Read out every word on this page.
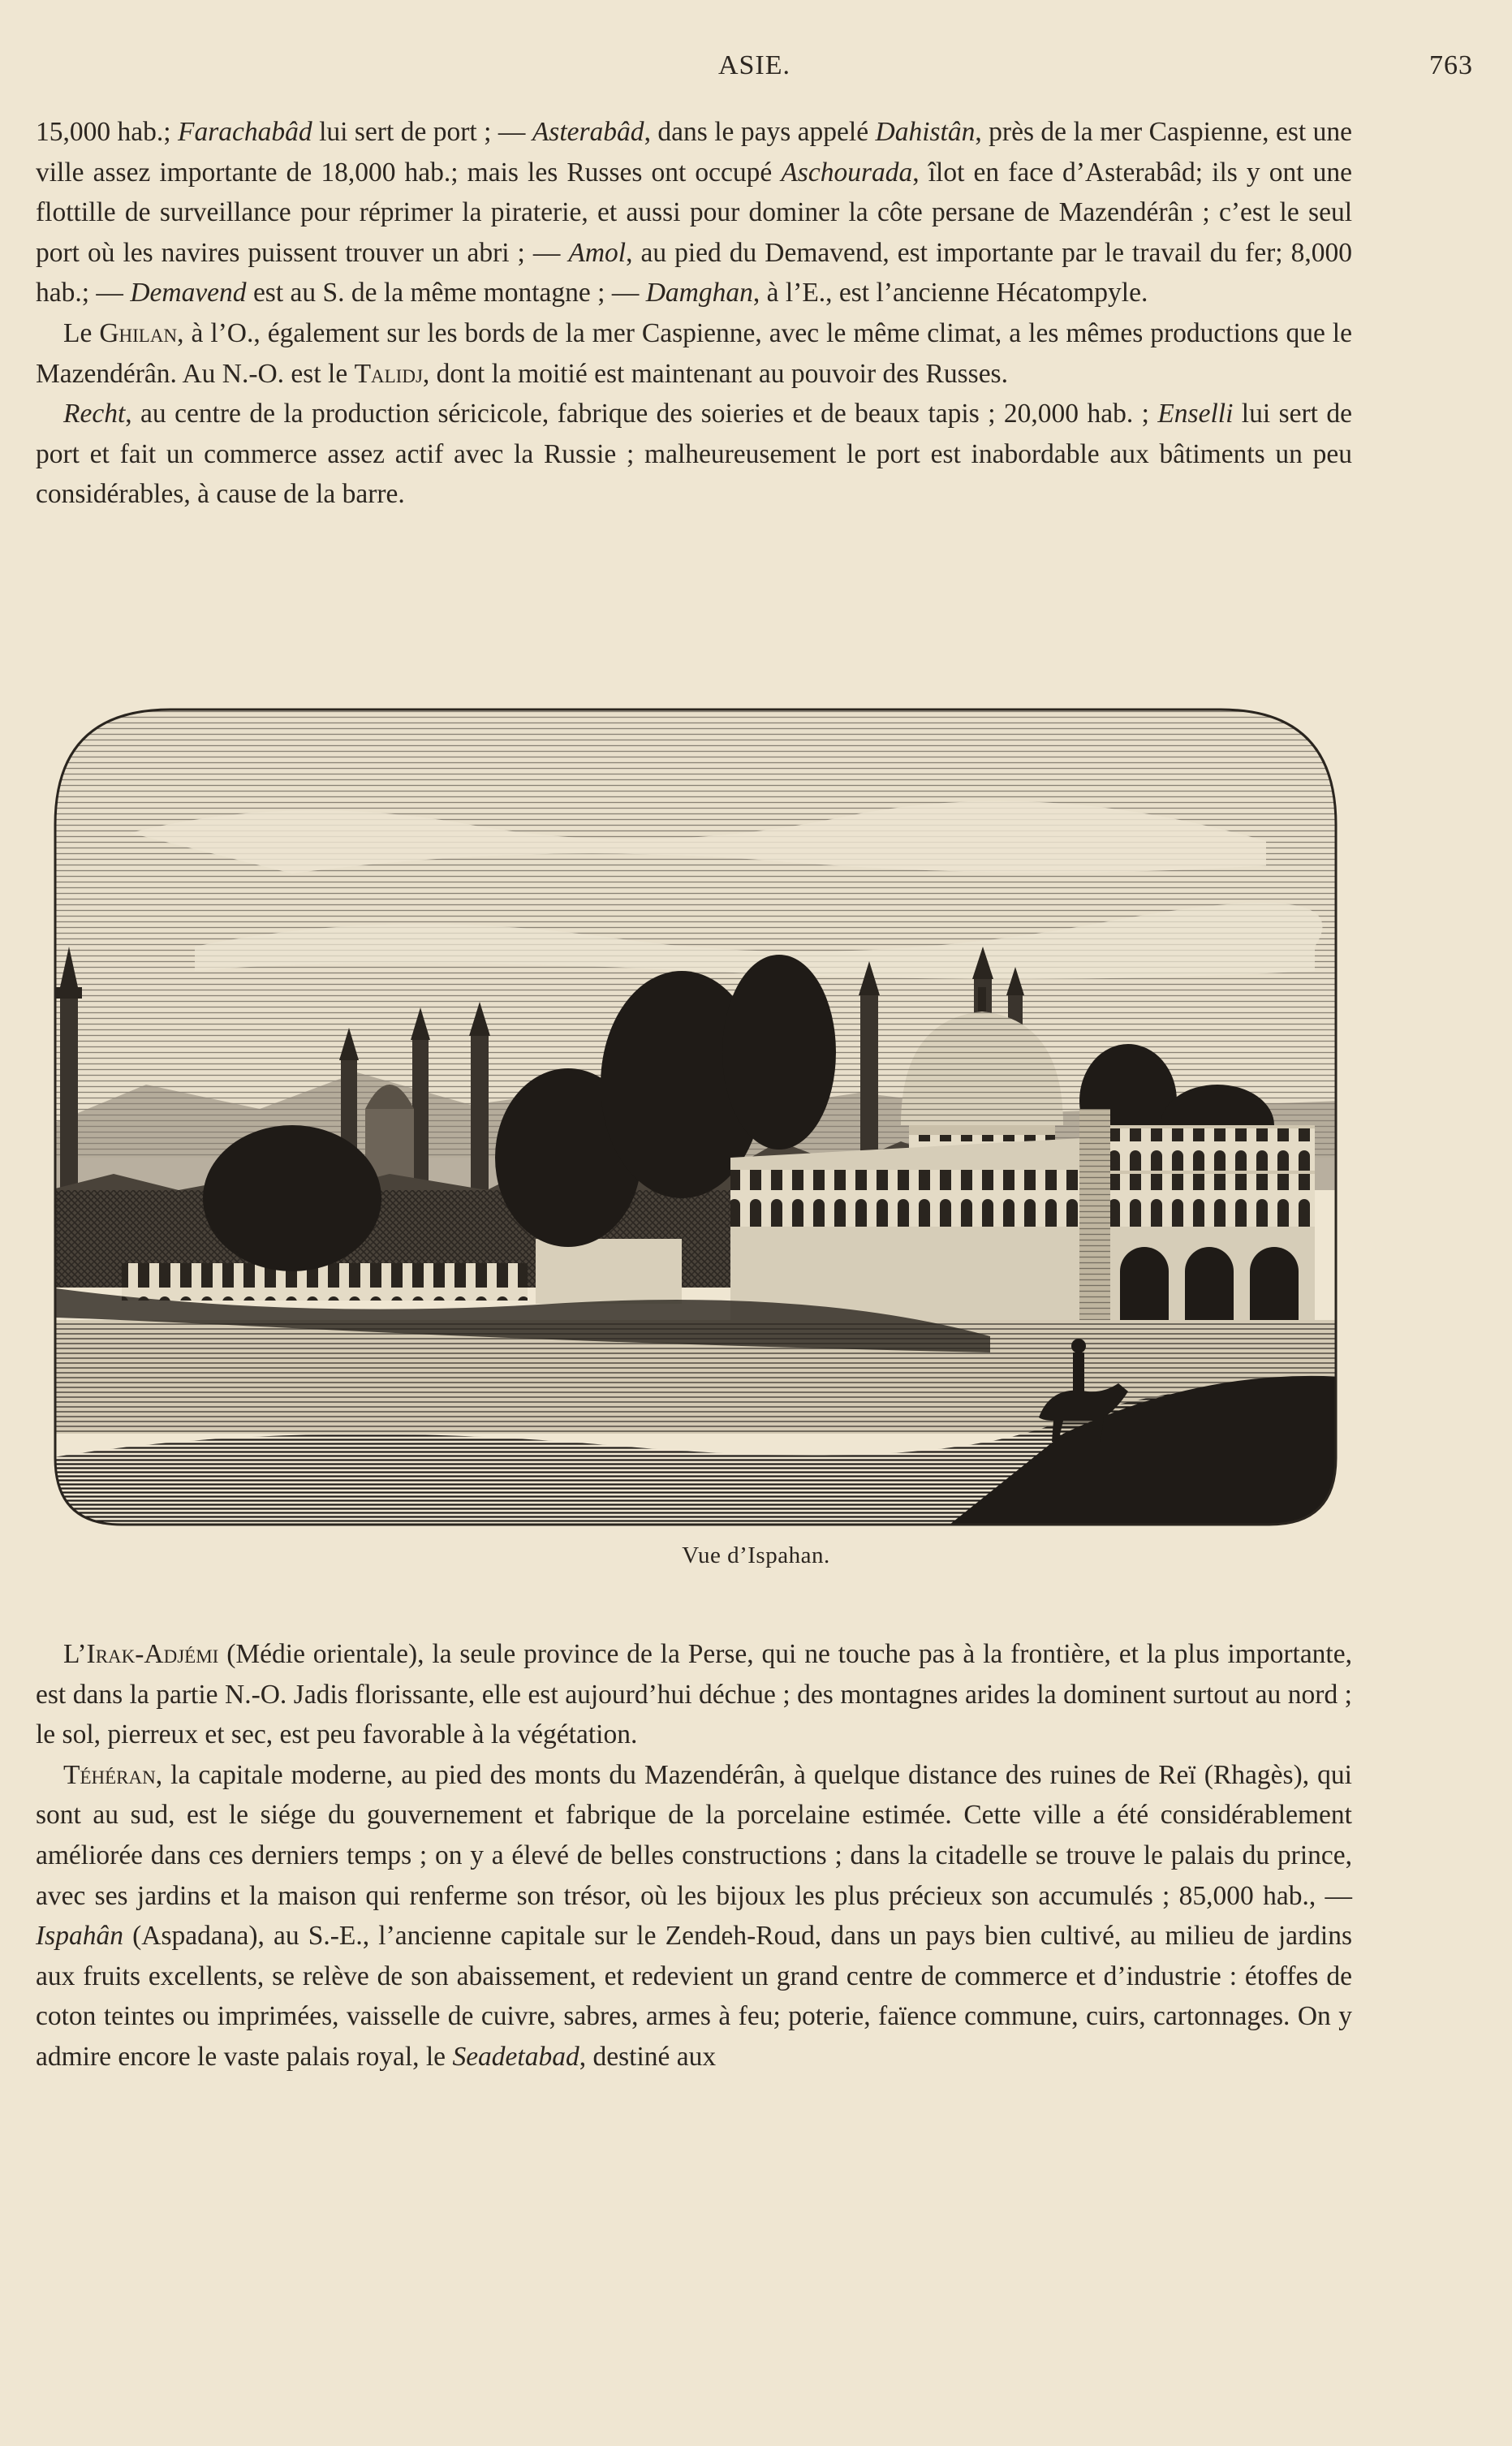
ASIE.	763

15,000 hab.; Farachabâd lui sert de port ; — Asterabâd, dans le pays appelé Dahistân, près de la mer Caspienne, est une ville assez importante de 18,000 hab.; mais les Russes ont occupé Aschourada, îlot en face d’Asterabâd; ils y ont une flottille de surveillance pour réprimer la piraterie, et aussi pour dominer la côte persane de Mazendérân ; c’est le seul port où les navires puissent trouver un abri ; — Amol, au pied du Demavend, est importante par le travail du fer; 8,000 hab.; — Demavend est au S. de la même montagne ; — Damghan, à l’E., est l’ancienne Hécatompyle.

Le Ghilan, à l’O., également sur les bords de la mer Caspienne, avec le même climat, a les mêmes productions que le Mazendérân. Au N.-O. est le Talidj, dont la moitié est maintenant au pouvoir des Russes.

Recht, au centre de la production séricicole, fabrique des soieries et de beaux tapis ; 20,000 hab. ; Enselli lui sert de port et fait un commerce assez actif avec la Russie ; malheureusement le port est inabordable aux bâtiments un peu considérables, à cause de la barre.

Vue d’Ispahan.

L’Irak-Adjémi (Médie orientale), la seule province de la Perse, qui ne touche pas à la frontière, et la plus importante, est dans la partie N.-O. Jadis florissante, elle est aujourd’hui déchue ; des montagnes arides la dominent surtout au nord ; le sol, pierreux et sec, est peu favorable à la végétation.

Téhéran, la capitale moderne, au pied des monts du Mazendérân, à quelque distance des ruines de Reï (Rhagès), qui sont au sud, est le siége du gouvernement et fabrique de la porcelaine estimée. Cette ville a été considérablement améliorée dans ces derniers temps ; on y a élevé de belles constructions ; dans la citadelle se trouve le palais du prince, avec ses jardins et la maison qui renferme son trésor, où les bijoux les plus précieux son accumulés ; 85,000 hab., — Ispahân (Aspadana), au S.-E., l’ancienne capitale sur le Zendeh-Roud, dans un pays bien cultivé, au milieu de jardins aux fruits excellents, se relève de son abaissement, et redevient un grand centre de commerce et d’industrie : étoffes de coton teintes ou imprimées, vaisselle de cuivre, sabres, armes à feu; poterie, faïence commune, cuirs, cartonnages. On y admire encore le vaste palais royal, le Seadetabad, destiné aux
